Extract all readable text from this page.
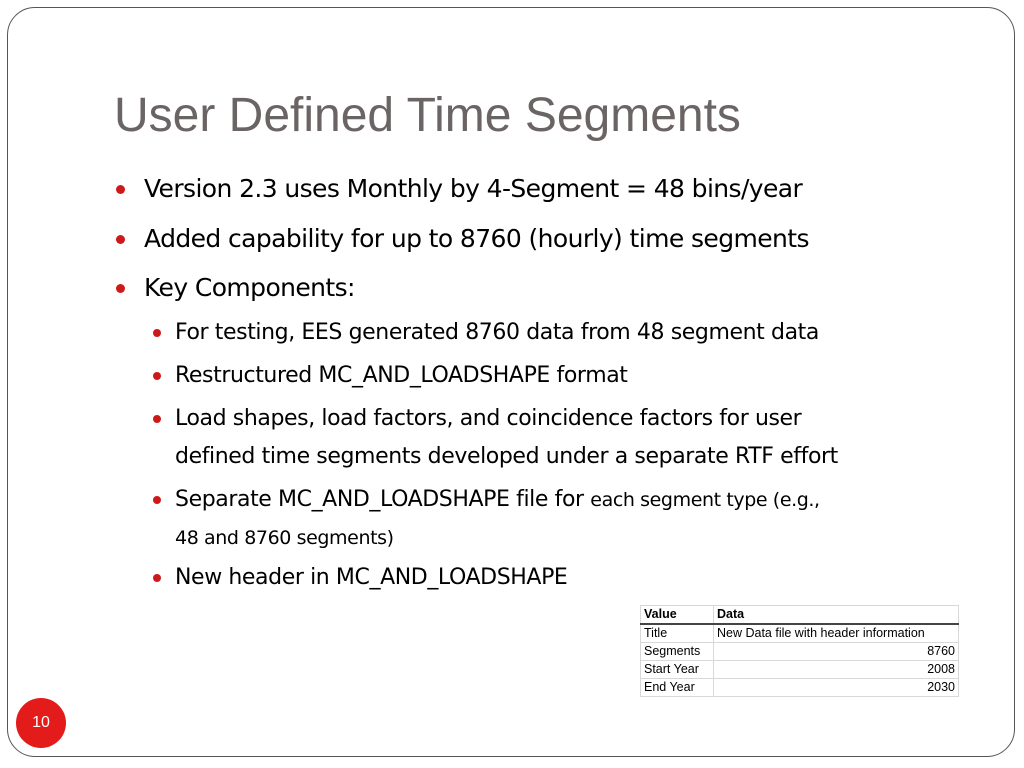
User Defined Time Segments
Version 2.3 uses Monthly by 4-Segment = 48 bins/year
Added capability for up to 8760 (hourly) time segments
Key Components:
For testing, EES generated 8760 data from 48 segment data
Restructured MC_AND_LOADSHAPE format
Load shapes, load factors, and coincidence factors for user
defined time segments developed under a separate RTF effort
Separate MC_AND_LOADSHAPE file for each segment type (e.g.,
48 and 8760 segments)
New header in MC_AND_LOADSHAPE
Value	Data
Title	New Data file with header information
Segments	8760
Start Year	2008
End Year	2030
10
